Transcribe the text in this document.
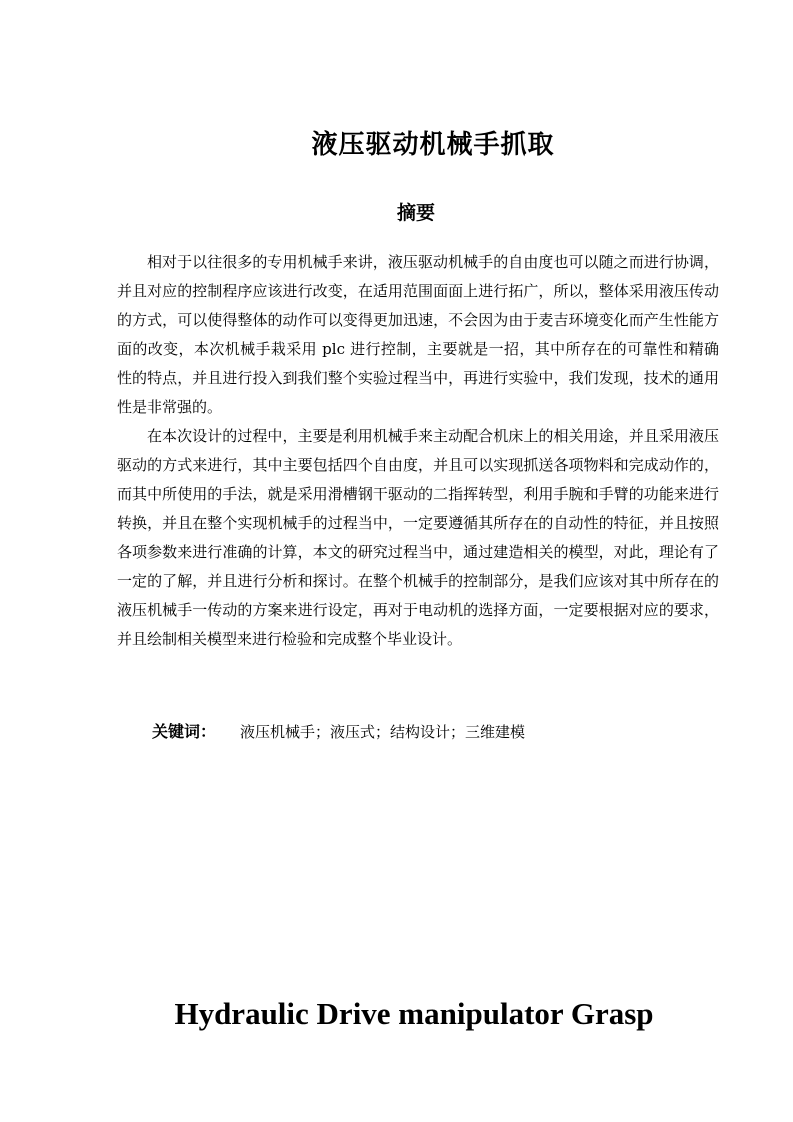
液压驱动机械手抓取
摘要

相对于以往很多的专用机械手来讲，液压驱动机械手的自由度也可以随之而进行协调，并且对应的控制程序应该进行改变，在适用范围面面上进行拓广，所以，整体采用液压传动的方式，可以使得整体的动作可以变得更加迅速，不会因为由于麦吉环境变化而产生性能方面的改变，本次机械手栽采用 plc 进行控制，主要就是一招，其中所存在的可靠性和精确性的特点，并且进行投入到我们整个实验过程当中，再进行实验中，我们发现，技术的通用性是非常强的。

在本次设计的过程中，主要是利用机械手来主动配合机床上的相关用途，并且采用液压驱动的方式来进行，其中主要包括四个自由度，并且可以实现抓送各项物料和完成动作的，而其中所使用的手法，就是采用滑槽钢干驱动的二指挥转型，利用手腕和手臂的功能来进行转换，并且在整个实现机械手的过程当中，一定要遵循其所存在的自动性的特征，并且按照各项参数来进行准确的计算，本文的研究过程当中，通过建造相关的模型，对此，理论有了一定的了解，并且进行分析和探讨。在整个机械手的控制部分，是我们应该对其中所存在的液压机械手一传动的方案来进行设定，再对于电动机的选择方面，一定要根据对应的要求，并且绘制相关模型来进行检验和完成整个毕业设计。

关键词： 液压机械手；液压式；结构设计；三维建模
Hydraulic Drive manipulator Grasp
